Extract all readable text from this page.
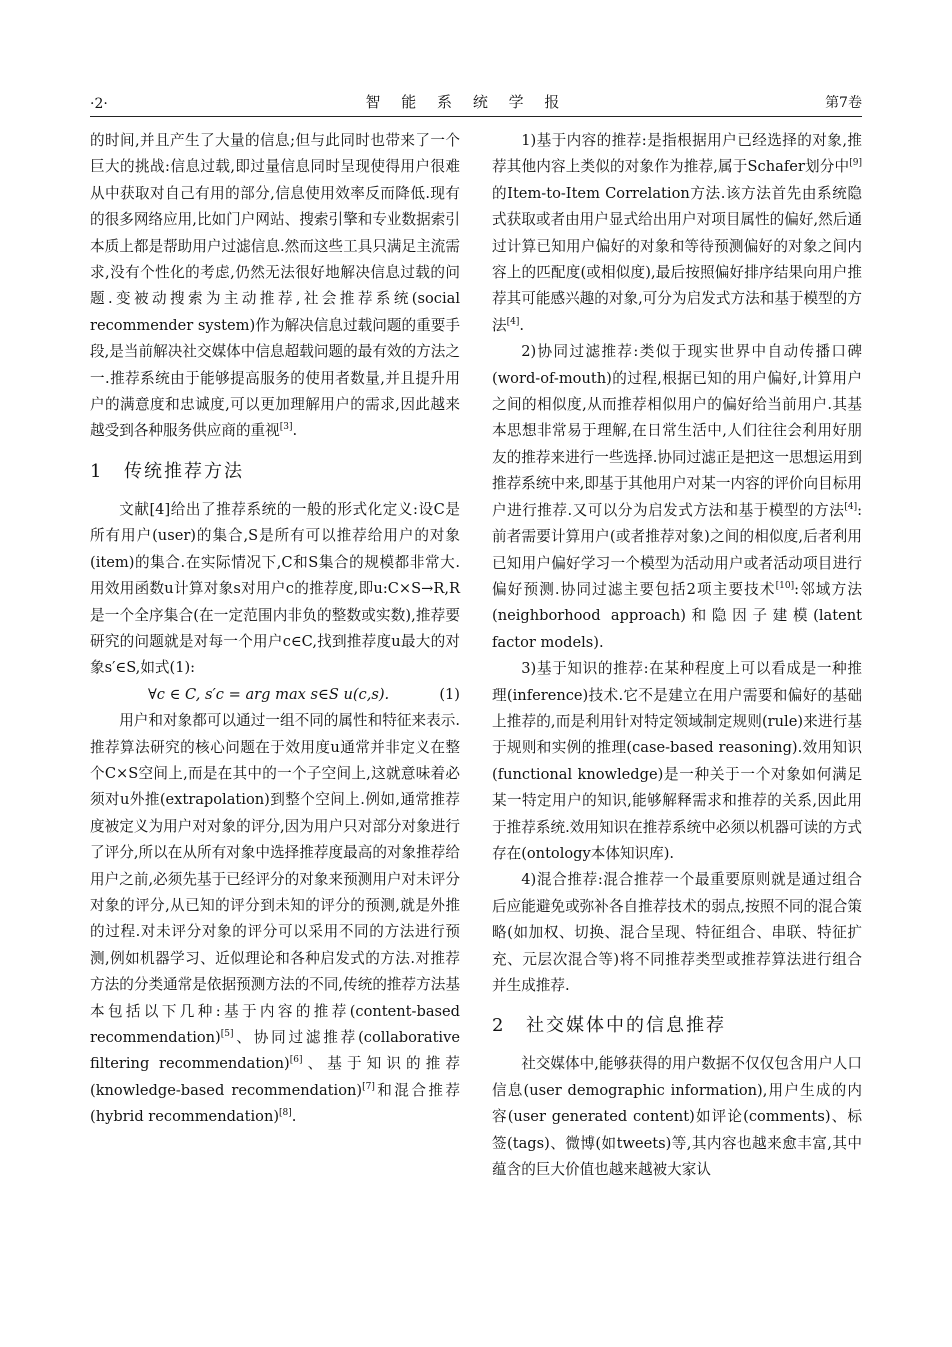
·2·	智 能 系 统 学 报	第7卷

的时间,并且产生了大量的信息;但与此同时也带来了一个巨大的挑战:信息过载,即过量信息同时呈现使得用户很难从中获取对自己有用的部分,信息使用效率反而降低.现有的很多网络应用,比如门户网站、搜索引擎和专业数据索引本质上都是帮助用户过滤信息.然而这些工具只满足主流需求,没有个性化的考虑,仍然无法很好地解决信息过载的问题.变被动搜索为主动推荐,社会推荐系统(social recommender system)作为解决信息过载问题的重要手段,是当前解决社交媒体中信息超载问题的最有效的方法之一.推荐系统由于能够提高服务的使用者数量,并且提升用户的满意度和忠诚度,可以更加理解用户的需求,因此越来越受到各种服务供应商的重视[3].

1 传统推荐方法

文献[4]给出了推荐系统的一般的形式化定义:设C是所有用户(user)的集合,S是所有可以推荐给用户的对象(item)的集合.在实际情况下,C和S集合的规模都非常大.用效用函数u计算对象s对用户c的推荐度,即u:C×S→R,R是一个全序集合(在一定范围内非负的整数或实数),推荐要研究的问题就是对每一个用户c∈C,找到推荐度u最大的对象s′∈S,如式(1):

∀c ∈ C, s′c = arg max s∈S u(c,s).	(1)

用户和对象都可以通过一组不同的属性和特征来表示.推荐算法研究的核心问题在于效用度u通常并非定义在整个C×S空间上,而是在其中的一个子空间上,这就意味着必须对u外推(extrapolation)到整个空间上.例如,通常推荐度被定义为用户对对象的评分,因为用户只对部分对象进行了评分,所以在从所有对象中选择推荐度最高的对象推荐给用户之前,必须先基于已经评分的对象来预测用户对未评分对象的评分,从已知的评分到未知的评分的预测,就是外推的过程.对未评分对象的评分可以采用不同的方法进行预测,例如机器学习、近似理论和各种启发式的方法.对推荐方法的分类通常是依据预测方法的不同,传统的推荐方法基本包括以下几种:基于内容的推荐(content-based recommendation)[5]、协同过滤推荐(collaborative filtering recommendation)[6]、基于知识的推荐(knowledge-based recommendation)[7]和混合推荐(hybrid recommendation)[8].

1)基于内容的推荐:是指根据用户已经选择的对象,推荐其他内容上类似的对象作为推荐,属于Schafer划分中[9]的Item-to-Item Correlation方法.该方法首先由系统隐式获取或者由用户显式给出用户对项目属性的偏好,然后通过计算已知用户偏好的对象和等待预测偏好的对象之间内容上的匹配度(或相似度),最后按照偏好排序结果向用户推荐其可能感兴趣的对象,可分为启发式方法和基于模型的方法[4].

2)协同过滤推荐:类似于现实世界中自动传播口碑(word-of-mouth)的过程,根据已知的用户偏好,计算用户之间的相似度,从而推荐相似用户的偏好给当前用户.其基本思想非常易于理解,在日常生活中,人们往往会利用好朋友的推荐来进行一些选择.协同过滤正是把这一思想运用到推荐系统中来,即基于其他用户对某一内容的评价向目标用户进行推荐.又可以分为启发式方法和基于模型的方法[4]:前者需要计算用户(或者推荐对象)之间的相似度,后者利用已知用户偏好学习一个模型为活动用户或者活动项目进行偏好预测.协同过滤主要包括2项主要技术[10]:邻域方法(neighborhood approach)和隐因子建模(latent factor models).

3)基于知识的推荐:在某种程度上可以看成是一种推理(inference)技术.它不是建立在用户需要和偏好的基础上推荐的,而是利用针对特定领域制定规则(rule)来进行基于规则和实例的推理(case-based reasoning).效用知识(functional knowledge)是一种关于一个对象如何满足某一特定用户的知识,能够解释需求和推荐的关系,因此用于推荐系统.效用知识在推荐系统中必须以机器可读的方式存在(ontology本体知识库).

4)混合推荐:混合推荐一个最重要原则就是通过组合后应能避免或弥补各自推荐技术的弱点,按照不同的混合策略(如加权、切换、混合呈现、特征组合、串联、特征扩充、元层次混合等)将不同推荐类型或推荐算法进行组合并生成推荐.

2 社交媒体中的信息推荐

社交媒体中,能够获得的用户数据不仅仅包含用户人口信息(user demographic information),用户生成的内容(user generated content)如评论(comments)、标签(tags)、微博(如tweets)等,其内容也越来愈丰富,其中蕴含的巨大价值也越来越被大家认
